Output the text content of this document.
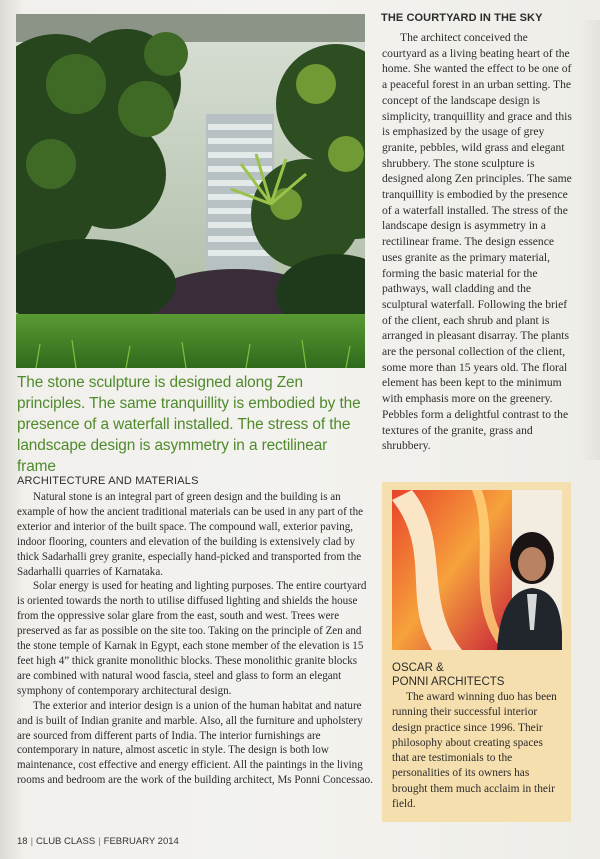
The stone sculpture is designed along Zen principles. The same tranquillity is embodied by the presence of a waterfall installed. The stress of the landscape design is asymmetry in a rectilinear frame
THE COURTYARD IN THE SKY
The architect conceived the courtyard as a living beating heart of the home. She wanted the effect to be one of a peaceful forest in an urban setting. The concept of the landscape design is simplicity, tranquillity and grace and this is emphasized by the usage of grey granite, pebbles, wild grass and elegant shrubbery. The stone sculpture is designed along Zen principles. The same tranquillity is embodied by the presence of a waterfall installed. The stress of the landscape design is asymmetry in a rectilinear frame. The design essence uses granite as the primary material, forming the basic material for the pathways, wall cladding and the sculptural waterfall. Following the brief of the client, each shrub and plant is arranged in pleasant disarray. The plants are the personal collection of the client, some more than 15 years old. The floral element has been kept to the minimum with emphasis more on the greenery. Pebbles form a delightful contrast to the textures of the granite, grass and shrubbery.
ARCHITECTURE AND MATERIALS

Natural stone is an integral part of green design and the building is an example of how the ancient traditional materials can be used in any part of the exterior and interior of the built space. The compound wall, exterior paving, indoor flooring, counters and elevation of the building is extensively clad by thick Sadarhalli grey granite, especially hand-picked and transported from the Sadarhalli quarries of Karnataka.

Solar energy is used for heating and lighting purposes. The entire courtyard is oriented towards the north to utilise diffused lighting and shields the house from the oppressive solar glare from the east, south and west. Trees were preserved as far as possible on the site too. Taking on the principle of Zen and the stone temple of Karnak in Egypt, each stone member of the elevation is 15 feet high 4” thick granite monolithic blocks. These monolithic granite blocks are combined with natural wood fascia, steel and glass to form an elegant symphony of contemporary architectural design.

The exterior and interior design is a union of the human habitat and nature and is built of Indian granite and marble. Also, all the furniture and upholstery are sourced from different parts of India. The interior furnishings are contemporary in nature, almost ascetic in style. The design is both low maintenance, cost effective and energy efficient. All the paintings in the living rooms and bedroom are the work of the building architect, Ms Ponni Concessao.

OSCAR &
PONNI ARCHITECTS
The award winning duo has been running their successful interior design practice since 1996. Their philosophy about creating spaces that are testimonials to the personalities of its owners has brought them much acclaim in their field.
18 | CLUB CLASS | FEBRUARY 2014
